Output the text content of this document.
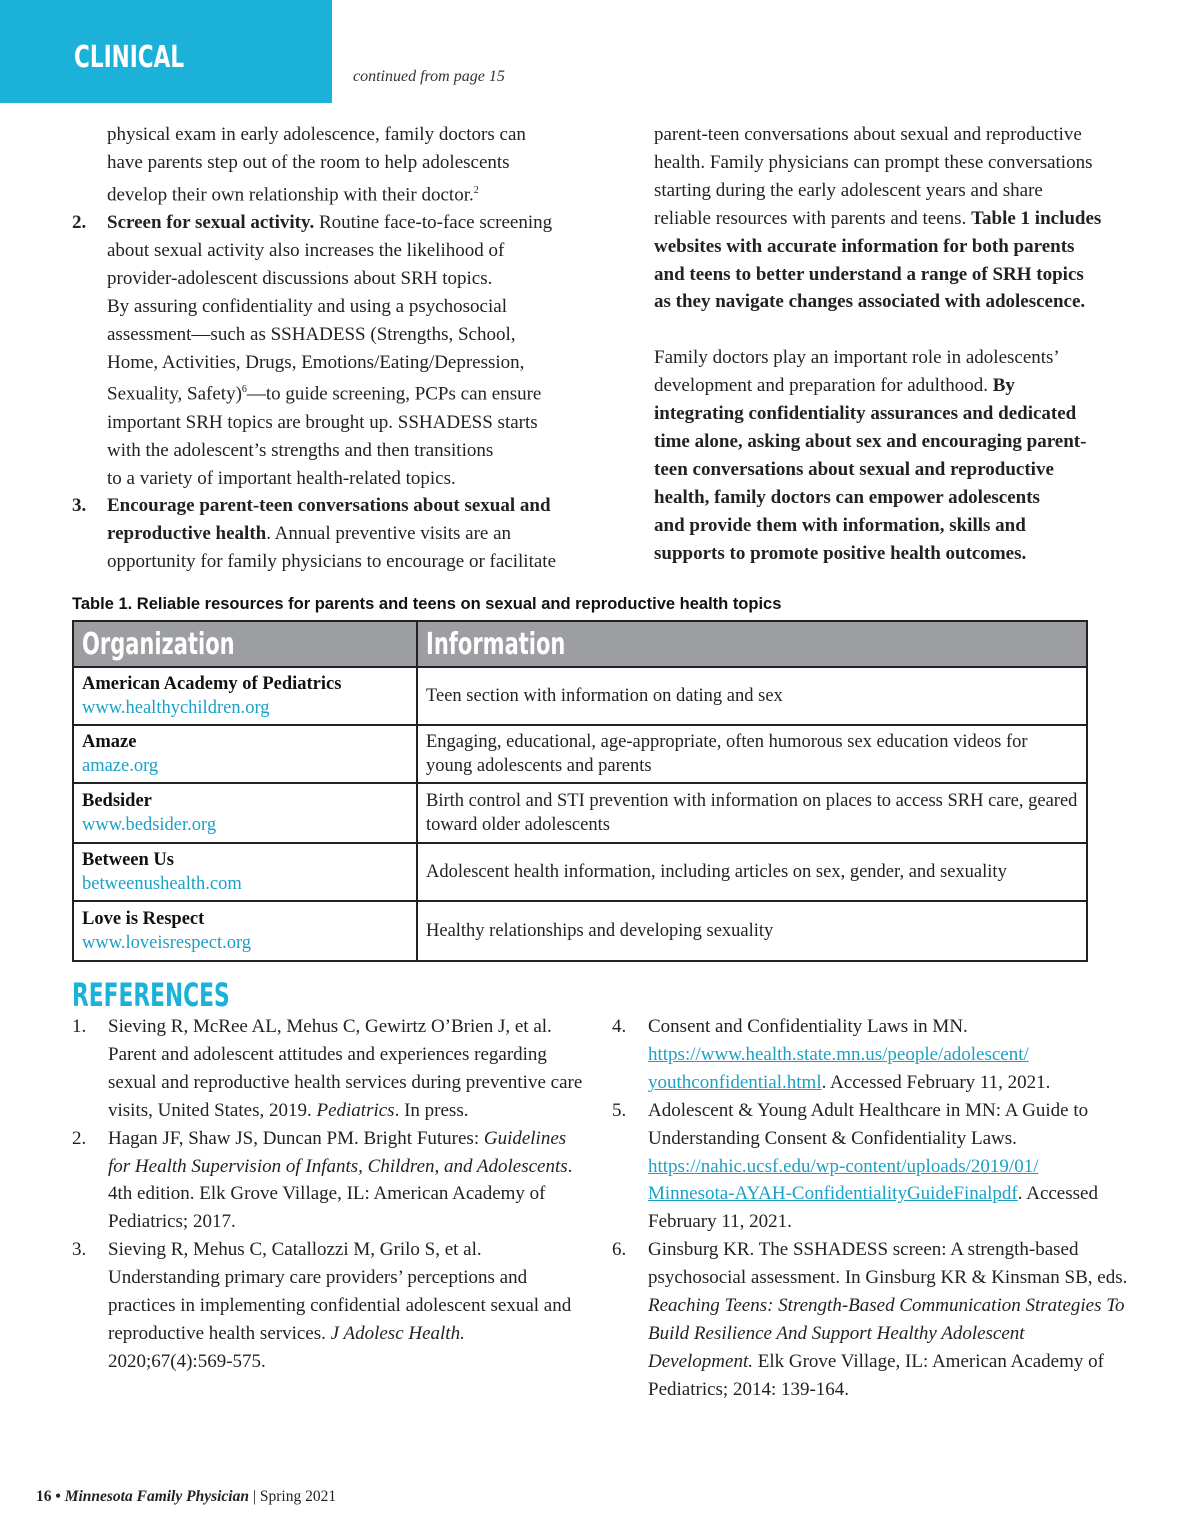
CLINICAL
continued from page 15

physical exam in early adolescence, family doctors can
have parents step out of the room to help adolescents
develop their own relationship with their doctor.$^2$

2. Screen for sexual activity. Routine face-to-face screening
about sexual activity also increases the likelihood of
provider-adolescent discussions about SRH topics.
By assuring confidentiality and using a psychosocial
assessment—such as SSHADESS (Strengths, School,
Home, Activities, Drugs, Emotions/Eating/Depression,
Sexuality, Safety)$^6$—to guide screening, PCPs can ensure
important SRH topics are brought up. SSHADESS starts
with the adolescent’s strengths and then transitions
to a variety of important health-related topics.
3. Encourage parent-teen conversations about sexual and
reproductive health. Annual preventive visits are an
opportunity for family physicians to encourage or facilitate

parent-teen conversations about sexual and reproductive
health. Family physicians can prompt these conversations
starting during the early adolescent years and share
reliable resources with parents and teens. Table 1 includes
websites with accurate information for both parents
and teens to better understand a range of SRH topics
as they navigate changes associated with adolescence.

Family doctors play an important role in adolescents’
development and preparation for adulthood. By
integrating confidentiality assurances and dedicated
time alone, asking about sex and encouraging parent-
teen conversations about sexual and reproductive
health, family doctors can empower adolescents
and provide them with information, skills and
supports to promote positive health outcomes.

Table 1. Reliable resources for parents and teens on sexual and reproductive health topics
Organization	Information

American Academy of Pediatrics
www.healthychildren.org	Teen section with information on dating and sex

Amaze
amaze.org	Engaging, educational, age-appropriate, often humorous sex education videos for young adolescents and parents

Bedsider
www.bedsider.org	Birth control and STI prevention with information on places to access SRH care, geared toward older adolescents

Between Us
betweenushealth.com	Adolescent health information, including articles on sex, gender, and sexuality

Love is Respect
www.loveisrespect.org	Healthy relationships and developing sexuality
REFERENCES
1. Sieving R, McRee AL, Mehus C, Gewirtz O’Brien J, et al. Parent and adolescent attitudes and experiences regarding sexual and reproductive health services during preventive care visits, United States, 2019. Pediatrics. In press.
2. Hagan JF, Shaw JS, Duncan PM. Bright Futures: Guidelines for Health Supervision of Infants, Children, and Adolescents. 4th edition. Elk Grove Village, IL: American Academy of Pediatrics; 2017.
3. Sieving R, Mehus C, Catallozzi M, Grilo S, et al. Understanding primary care providers’ perceptions and practices in implementing confidential adolescent sexual and reproductive health services. J Adolesc Health. 2020;67(4):569-575.
4. Consent and Confidentiality Laws in MN.
https://www.health.state.mn.us/people/adolescent/
youthconfidential.html. Accessed February 11, 2021.
5. Adolescent & Young Adult Healthcare in MN: A Guide to Understanding Consent & Confidentiality Laws.
https://nahic.ucsf.edu/wp-content/uploads/2019/01/
Minnesota-AYAH-ConfidentialityGuideFinalpdf. Accessed February 11, 2021.
6. Ginsburg KR. The SSHADESS screen: A strength-based psychosocial assessment. In Ginsburg KR & Kinsman SB, eds. Reaching Teens: Strength-Based Communication Strategies To Build Resilience And Support Healthy Adolescent Development. Elk Grove Village, IL: American Academy of Pediatrics; 2014: 139-164.
16 • Minnesota Family Physician | Spring 2021
